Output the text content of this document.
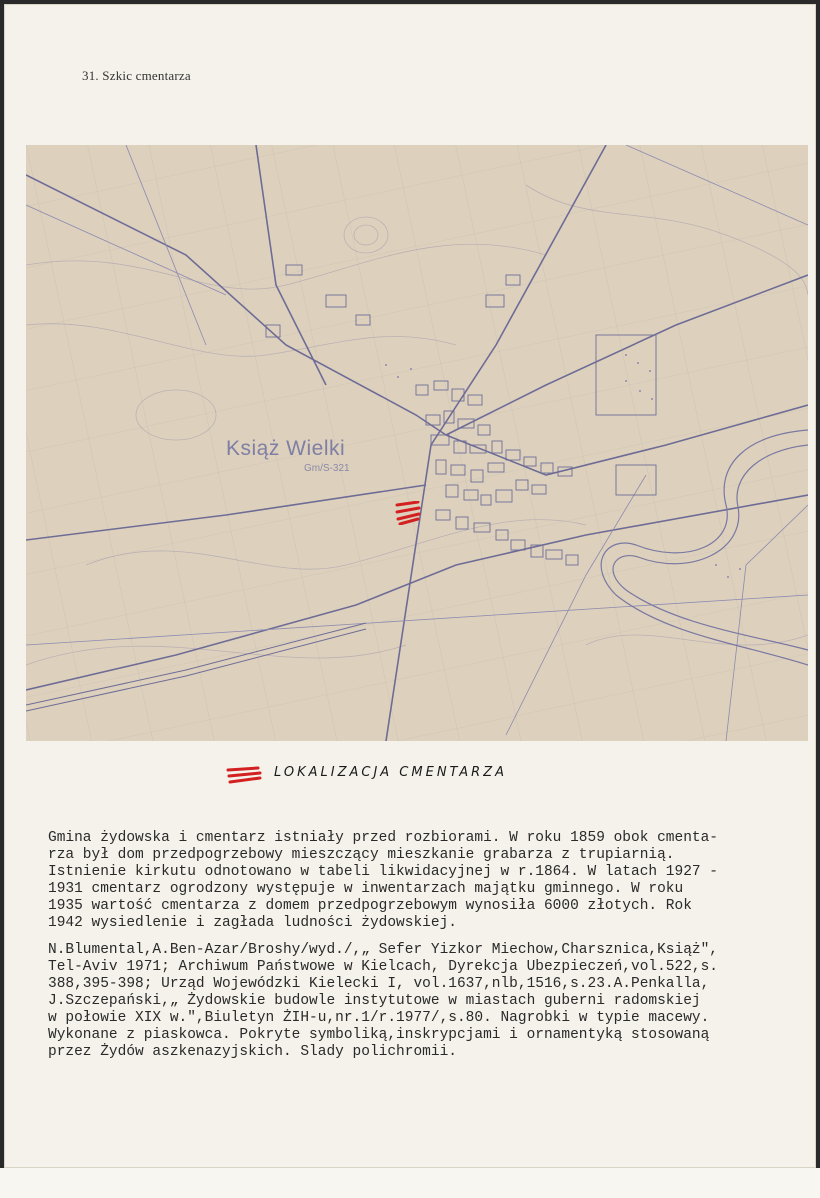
31. Szkic cmentarza
Książ Wielki
Gm/S-321
LOKALIZACJA CMENTARZA

Gmina żydowska i cmentarz istniały przed rozbiorami. W roku 1859 obok cmenta-
rza był dom przedpogrzebowy mieszczący mieszkanie grabarza z trupiarnią.
Istnienie kirkutu odnotowano w tabeli likwidacyjnej w r.1864. W latach 1927 -
1931 cmentarz ogrodzony występuje w inwentarzach majątku gminnego. W roku
1935 wartość cmentarza z domem przedpogrzebowym wynosiła 6000 złotych. Rok
1942 wysiedlenie i zagłada ludności żydowskiej.

N.Blumental,A.Ben-Azar/Broshy/wyd./,„ Sefer Yizkor Miechow,Charsznica,Książ",
Tel-Aviv 1971; Archiwum Państwowe w Kielcach, Dyrekcja Ubezpieczeń,vol.522,s.
388,395-398; Urząd Wojewódzki Kielecki I, vol.1637,nlb,1516,s.23.A.Penkalla,
J.Szczepański,„ Żydowskie budowle instytutowe w miastach guberni radomskiej
w połowie XIX w.",Biuletyn ŻIH-u,nr.1/r.1977/,s.80. Nagrobki w typie macewy.
Wykonane z piaskowca. Pokryte symboliką,inskrypcjami i ornamentyką stosowaną
przez Żydów aszkenazyjskich. Slady polichromii.
